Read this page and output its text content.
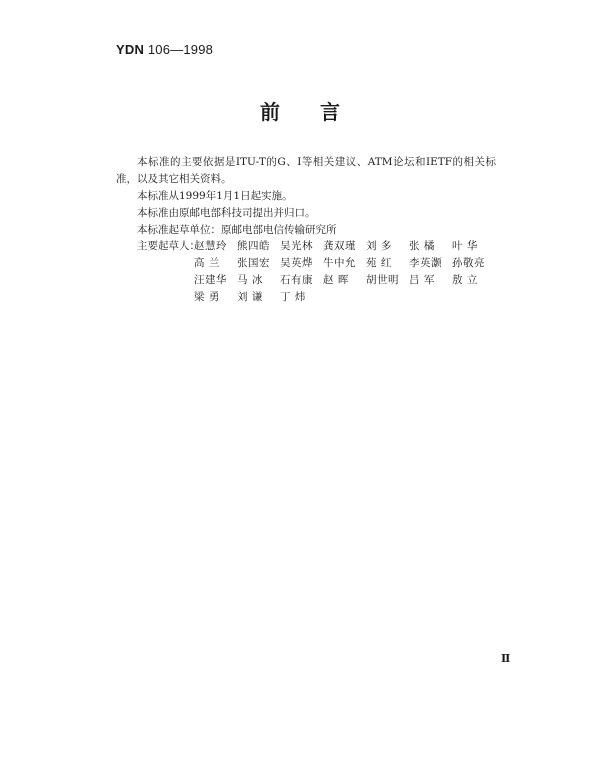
YDN 106—1998
前言

本标准的主要依据是ITU-T的G、I等相关建议、ATM论坛和IETF的相关标准，以及其它相关资料。

本标准从1999年1月1日起实施。

本标准由原邮电部科技司提出并归口。

本标准起草单位：原邮电部电信传输研究所

主要起草人：
赵慧玲 熊四皓 吴光林 龚双瑾 刘 多	张 橘	叶 华
高 兰	张国宏 吴英烨 牛中允 苑 红	李英灏 孙敬亮
汪建华 马 冰	石有康 赵 晖	胡世明 吕 军	敖 立
梁 勇	刘 谦	丁 炜
Ⅱ
